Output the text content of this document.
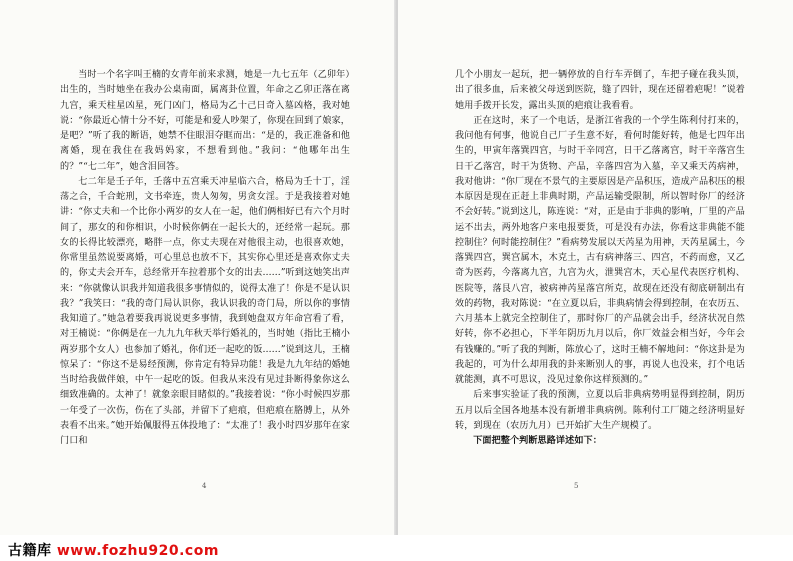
当时一个名字叫王楠的女青年前来求测，她是一九七五年（乙卯年）出生的，当时她坐在我办公桌南面，属离卦位置，年命之乙卯正落在离九宫，乘天柱星凶星，死门凶门，格局为乙十己日奇入墓凶格，我对她说：“你最近心情十分不好，可能是和爱人吵架了，你现在回到了娘家，是吧？”听了我的断语，她禁不住眼泪夺眶而出：“是的，我正准备和他离婚，现在我住在我妈妈家，不想看到他。”我问：“他哪年出生的？”“七二年”，她含泪回答。

七二年是壬子年，壬落中五宫乘天冲星临六合，格局为壬十丁，淫荡之合，千合蛇刑，文书牵连，贵人匆匆，男贪女淫。于是我接着对她讲：“你丈夫和一个比你小两岁的女人在一起，他们俩相好已有六个月时间了，那女的和你相识，小时候你俩在一起长大的，还经常一起玩。那女的长得比较漂亮，略胖一点，你丈夫现在对他很主动，也很喜欢她，你常里虽然说要离婚，可心里总也放不下，其实你心里还是喜欢你丈夫的，你丈夫会开车，总经常开车拉着那个女的出去……”听到这她笑出声来：“你就像认识我并知道我很多事情似的，说得太准了！你是不是认识我？”我笑曰：“我的奇门局认识你，我认识我的奇门局，所以你的事情我知道了。”她急着要我再说说更多事情，我到她盘双方年命宫看了看，对王楠说：“你俩是在一九九九年秋天举行婚礼的，当时她（指比王楠小两岁那个女人）也参加了婚礼，你们还一起吃的饭……”说到这儿，王楠惊呆了：“你这不是易经预测，你肯定有特异功能！我是九九年结的婚她当时给我做伴娘，中午一起吃的饭。但我从来没有见过卦断得象你这么细致准确的。太神了！就象亲眼目睹似的。”我接着说：“你小时候四岁那一年受了一次伤，伤在了头部，并留下了疤痕，但疤痕在胳膊上，从外表看不出来。”她开始佩服得五体投地了：“太准了！我小时四岁那年在家门口和

4

几个小朋友一起玩，把一辆停放的自行车弄倒了，车把子碰在我头顶，出了很多血，后来被父母送到医院，缝了四针，现在还留着疤呢！”说着她用手拨开长发，露出头顶的疤痕让我看看。

正在这时，来了一个电话，是浙江省我的一个学生陈利付打来的，我问他有何事，他说自己厂子生意不好，看何时能好转，他是七四年出生的，甲寅年落巽四宫，与时干辛同宫，日干乙落离宫，时干辛落宫生日干乙落宫，时干为货物、产品，辛落四宫为入墓，辛又乘天芮病神，我对他讲：“你厂现在不景气的主要原因是产品积压，造成产品积压的根本原因是现在正赶上非典时期，产品运输受限制，所以智时你厂的经济不会好转。”说到这儿，陈连说：“对，正是由于非典的影响，厂里的产品运不出去，两外地客户来电报要货，可是没有办法，你看这非典能不能控制住？何时能控制住？”看病势发展以天芮星为用神，天芮星属土，今落巽四宫，巽宫属木，木克土，古有病神落三、四宫，不药而愈，又乙奇为医药，今落离九宫，九宫为火，泄巽宫木，天心星代表医疗机构、医院等，落艮八宫，被病神芮星落宫所克，故现在还没有彻底研制出有效的药物，我对陈说：“在立夏以后，非典病情会得到控制，在农历五、六月基本上就完全控制住了，那时你厂的产品就会出手，经济状况自然好转，你不必担心，下半年阴历九月以后，你厂效益会相当好，今年会有钱赚的。”听了我的判断，陈放心了，这时王楠不解地问：“你这卦是为我起的，可为什么却用我的卦来断别人的事，再说人也没来，打个电话就能测，真不可思议，没见过象你这样预测的。”

后来事实验证了我的预测，立夏以后非典病势明显得到控制，阴历五月以后全国各地基本没有新增非典病例。陈利付工厂随之经济明显好转，到现在（农历九月）已开始扩大生产规模了。

下面把整个判断思路详述如下：

5
古籍库 www.fozhu920.com
